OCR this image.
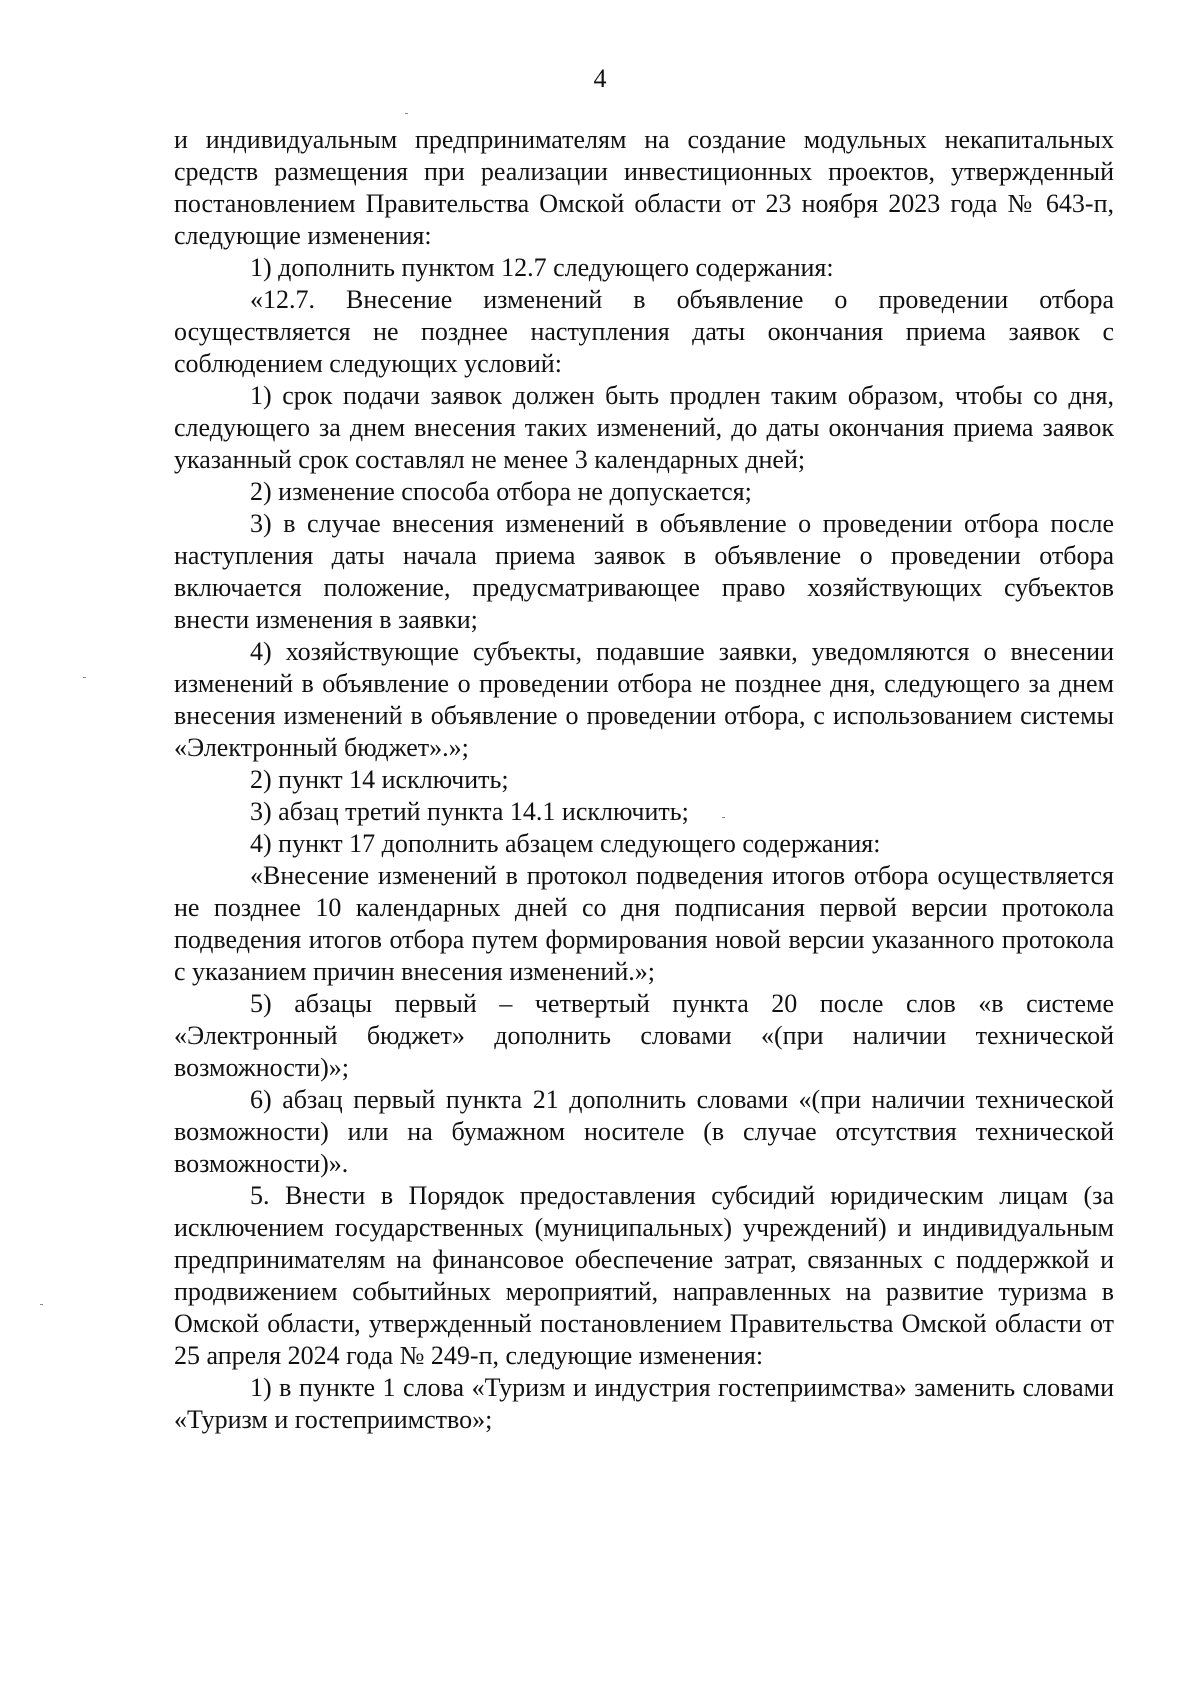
4

и индивидуальным предпринимателям на создание модульных некапитальных средств размещения при реализации инвестиционных проектов, утвержденный постановлением Правительства Омской области от 23 ноября 2023 года № 643-п, следующие изменения:

1) дополнить пунктом 12.7 следующего содержания:

«12.7. Внесение изменений в объявление о проведении отбора осуществляется не позднее наступления даты окончания приема заявок с соблюдением следующих условий:

1) срок подачи заявок должен быть продлен таким образом, чтобы со дня, следующего за днем внесения таких изменений, до даты окончания приема заявок указанный срок составлял не менее 3 календарных дней;

2) изменение способа отбора не допускается;

3) в случае внесения изменений в объявление о проведении отбора после наступления даты начала приема заявок в объявление о проведении отбора включается положение, предусматривающее право хозяйствующих субъектов внести изменения в заявки;

4) хозяйствующие субъекты, подавшие заявки, уведомляются о внесении изменений в объявление о проведении отбора не позднее дня, следующего за днем внесения изменений в объявление о проведении отбора, с использованием системы «Электронный бюджет».»;

2) пункт 14 исключить;

3) абзац третий пункта 14.1 исключить;

4) пункт 17 дополнить абзацем следующего содержания:

«Внесение изменений в протокол подведения итогов отбора осуществляется не позднее 10 календарных дней со дня подписания первой версии протокола подведения итогов отбора путем формирования новой версии указанного протокола с указанием причин внесения изменений.»;

5) абзацы первый – четвертый пункта 20 после слов «в системе «Электронный бюджет» дополнить словами «(при наличии технической возможности)»;

6) абзац первый пункта 21 дополнить словами «(при наличии технической возможности) или на бумажном носителе (в случае отсутствия технической возможности)».

5. Внести в Порядок предоставления субсидий юридическим лицам (за исключением государственных (муниципальных) учреждений) и индивидуальным предпринимателям на финансовое обеспечение затрат, связанных с поддержкой и продвижением событийных мероприятий, направленных на развитие туризма в Омской области, утвержденный постановлением Правительства Омской области от 25 апреля 2024 года № 249-п, следующие изменения:

1) в пункте 1 слова «Туризм и индустрия гостеприимства» заменить словами «Туризм и гостеприимство»;
